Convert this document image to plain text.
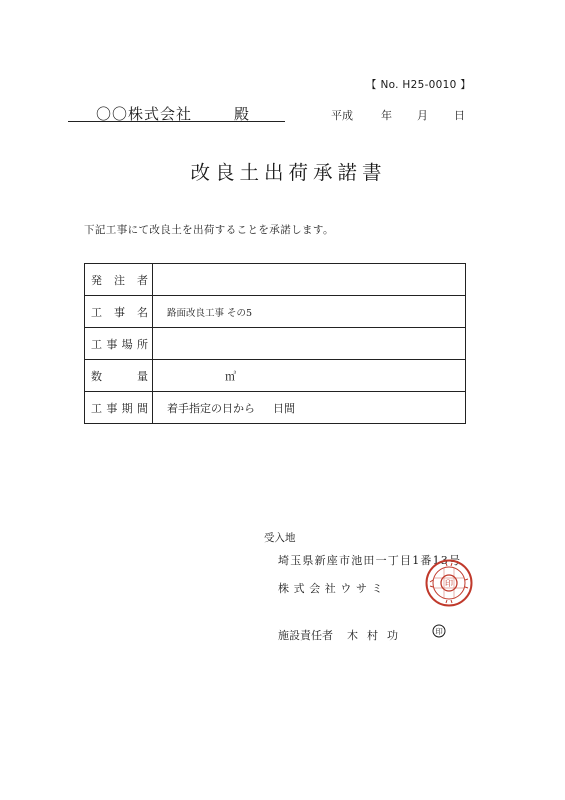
【 No. H25-0010 】
〇〇株式会社	殿	平成	年 月 日
改良土出荷承諾書
下記工事にて改良土を出荷することを承諾します。
発 注 者	

工 事 名	路面改良工事 その5

工 事 場 所	

数 量	㎥

工 事 期 間	着手指定の日から 日間
受入地
埼玉県新座市池田一丁目1番13号
株式会社ウサミ	印
施設責任者 木村功	印
